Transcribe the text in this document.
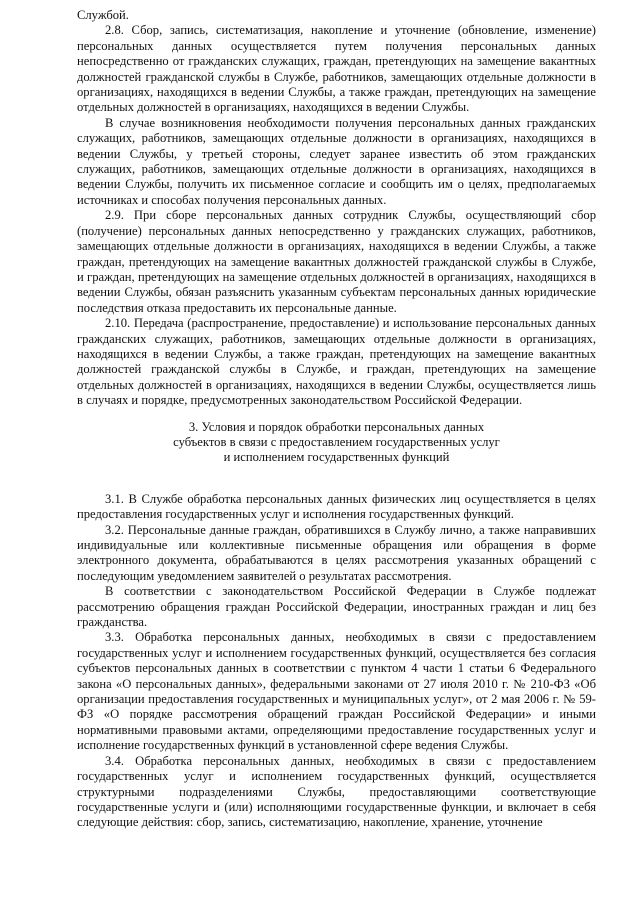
Службой.

2.8. Сбор, запись, систематизация, накопление и уточнение (обновление, изменение) персональных данных осуществляется путем получения персональных данных непосредственно от гражданских служащих, граждан, претендующих на замещение вакантных должностей гражданской службы в Службе, работников, замещающих отдельные должности в организациях, находящихся в ведении Службы, а также граждан, претендующих на замещение отдельных должностей в организациях, находящихся в ведении Службы.

В случае возникновения необходимости получения персональных данных гражданских служащих, работников, замещающих отдельные должности в организациях, находящихся в ведении Службы, у третьей стороны, следует заранее известить об этом гражданских служащих, работников, замещающих отдельные должности в организациях, находящихся в ведении Службы, получить их письменное согласие и сообщить им о целях, предполагаемых источниках и способах получения персональных данных.

2.9. При сборе персональных данных сотрудник Службы, осуществляющий сбор (получение) персональных данных непосредственно у гражданских служащих, работников, замещающих отдельные должности в организациях, находящихся в ведении Службы, а также граждан, претендующих на замещение вакантных должностей гражданской службы в Службе, и граждан, претендующих на замещение отдельных должностей в организациях, находящихся в ведении Службы, обязан разъяснить указанным субъектам персональных данных юридические последствия отказа предоставить их персональные данные.

2.10. Передача (распространение, предоставление) и использование персональных данных гражданских служащих, работников, замещающих отдельные должности в организациях, находящихся в ведении Службы, а также граждан, претендующих на замещение вакантных должностей гражданской службы в Службе, и граждан, претендующих на замещение отдельных должностей в организациях, находящихся в ведении Службы, осуществляется лишь в случаях и порядке, предусмотренных законодательством Российской Федерации.

3. Условия и порядок обработки персональных данных

субъектов в связи с предоставлением государственных услуг

и исполнением государственных функций

3.1. В Службе обработка персональных данных физических лиц осуществляется в целях предоставления государственных услуг и исполнения государственных функций.

3.2. Персональные данные граждан, обратившихся в Службу лично, а также направивших индивидуальные или коллективные письменные обращения или обращения в форме электронного документа, обрабатываются в целях рассмотрения указанных обращений с последующим уведомлением заявителей о результатах рассмотрения.

В соответствии с законодательством Российской Федерации в Службе подлежат рассмотрению обращения граждан Российской Федерации, иностранных граждан и лиц без гражданства.

3.3. Обработка персональных данных, необходимых в связи с предоставлением государственных услуг и исполнением государственных функций, осуществляется без согласия субъектов персональных данных в соответствии с пунктом 4 части 1 статьи 6 Федерального закона «О персональных данных», федеральными законами от 27 июля 2010 г. № 210-ФЗ «Об организации предоставления государственных и муниципальных услуг», от 2 мая 2006 г. № 59-ФЗ «О порядке рассмотрения обращений граждан Российской Федерации» и иными нормативными правовыми актами, определяющими предоставление государственных услуг и исполнение государственных функций в установленной сфере ведения Службы.

3.4. Обработка персональных данных, необходимых в связи с предоставлением государственных услуг и исполнением государственных функций, осуществляется структурными подразделениями Службы, предоставляющими соответствующие государственные услуги и (или) исполняющими государственные функции, и включает в себя следующие действия: сбор, запись, систематизацию, накопление, хранение, уточнение
